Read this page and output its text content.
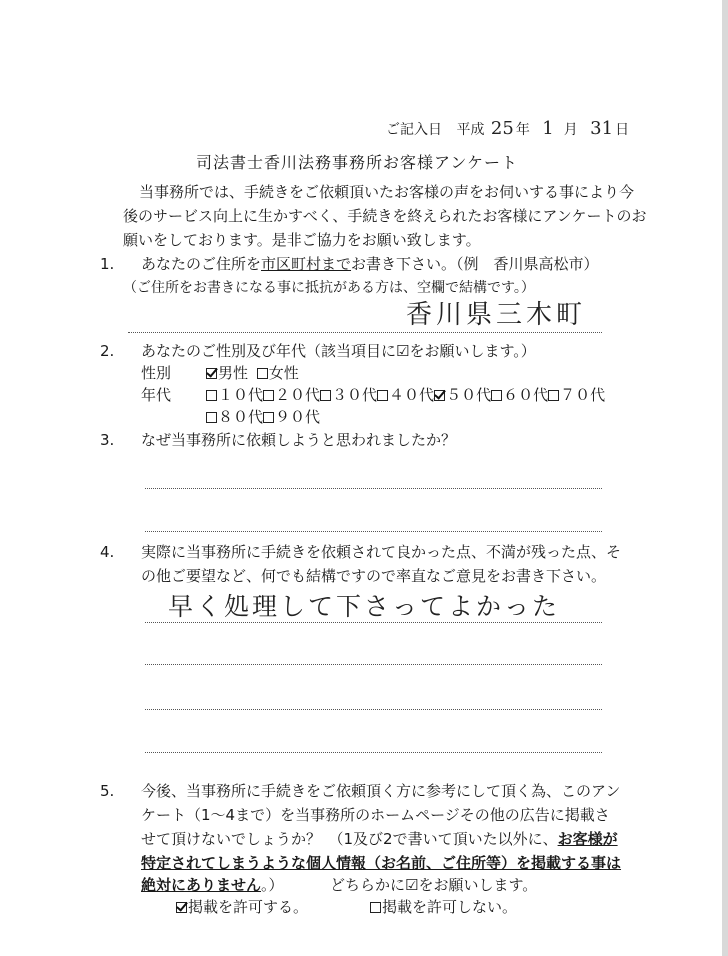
ご記入日 平成 25 年 1 月 31 日
司法書士香川法務事務所お客様アンケート
当事務所では、手続きをご依頼頂いたお客様の声をお伺いする事により今
後のサービス向上に生かすべく、手続きを終えられたお客様にアンケートのお
願いをしております。是非ご協力をお願い致します。
1. あなたのご住所を市区町村までお書き下さい。（例　香川県高松市）
（ご住所をお書きになる事に抵抗がある方は、空欄で結構です。）
香川県三木町
2. あなたのご性別及び年代（該当項目に☑をお願いします。）
性別	男性 女性
年代	１０代 ２０代 ３０代 ４０代 ５０代 ６０代 ７０代
８０代 ９０代
3. なぜ当事務所に依頼しようと思われましたか？
4. 実際に当事務所に手続きを依頼されて良かった点、不満が残った点、そ
の他ご要望など、何でも結構ですので率直なご意見をお書き下さい。
早く処理して下さってよかった
5. 今後、当事務所に手続きをご依頼頂く方に参考にして頂く為、このアン
ケート（1～4まで）を当事務所のホームページその他の広告に掲載さ
せて頂けないでしょうか？　（1及び2で書いて頂いた以外に、お客様が
特定されてしまうような個人情報（お名前、ご住所等）を掲載する事は
絶対にありません。）	どちらかに☑をお願いします。
掲載を許可する。	掲載を許可しない。
